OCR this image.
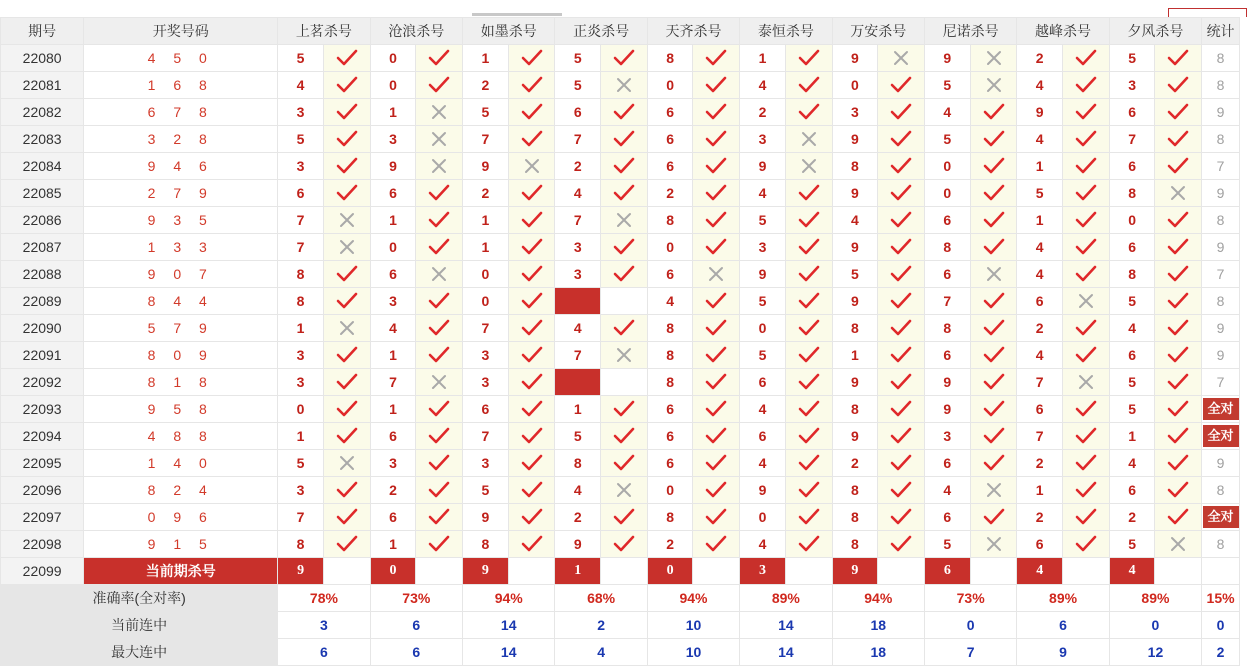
期号	开奖号码	上茗杀号		沧浪杀号		如墨杀号		正炎杀号		天齐杀号		泰恒杀号		万安杀号		尼诺杀号		越峰杀号		夕风杀号		统计
22080	4 5 0	5		0		1		5		8		1		9		9		2		5		8
22081	1 6 8	4		0		2		5		0		4		0		5		4		3		8
22082	6 7 8	3		1		5		6		6		2		3		4		9		6		9
22083	3 2 8	5		3		7		7		6		3		9		5		4		7		8
22084	9 4 6	3		9		9		2		6		9		8		0		1		6		7
22085	2 7 9	6		6		2		4		2		4		9		0		5		8		9
22086	9 3 5	7		1		1		7		8		5		4		6		1		0		8
22087	1 3 3	7		0		1		3		0		3		9		8		4		6		9
22088	9 0 7	8		6		0		3		6		9		5		6		4		8		7
22089	8 4 4	8		3		0				4		5		9		7		6		5		8
22090	5 7 9	1		4		7		4		8		0		8		8		2		4		9
22091	8 0 9	3		1		3		7		8		5		1		6		4		6		9
22092	8 1 8	3		7		3				8		6		9		9		7		5		7
22093	9 5 8	0		1		6		1		6		4		8		9		6		5		全对
22094	4 8 8	1		6		7		5		6		6		9		3		7		1		全对
22095	1 4 0	5		3		3		8		6		4		2		6		2		4		9
22096	8 2 4	3		2		5		4		0		9		8		4		1		6		8
22097	0 9 6	7		6		9		2		8		0		8		6		2		2		全对
22098	9 1 5	8		1		8		9		2		4		8		5		6		5		8
22099	当前期杀号	9		0		9		1		0		3		9		6		4		4		
准确率(全对率)		78%		73%		94%		68%		94%		89%		94%		73%		89%		89%		15%
当前连中		3		6		14		2		10		14		18		0		6		0		0
最大连中		6		6		14		4		10		14		18		7		9		12		2
